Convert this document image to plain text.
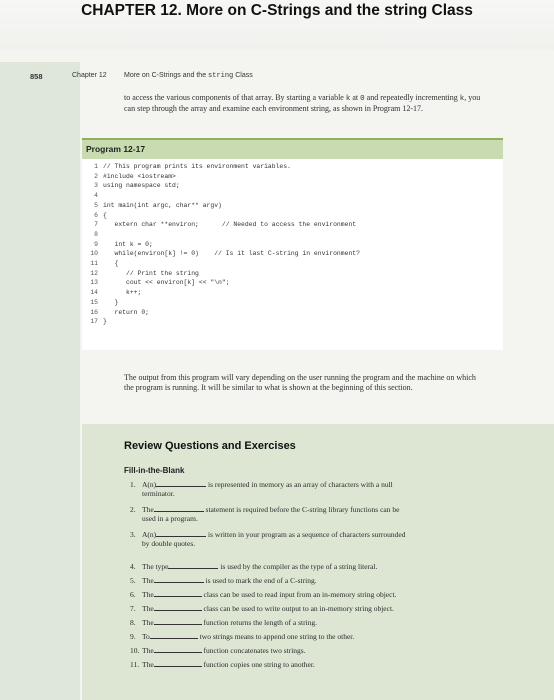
CHAPTER 12. More on C-Strings and the string Class
858	Chapter 12 More on C-Strings and the string Class
to access the various components of that array. By starting a variable k at 0 and repeatedly incrementing k, you can step through the array and examine each environment string, as shown in Program 12-17.
Program 12-17
1 // This program prints its environment variables.
2 #include <iostream>
3 using namespace std;
4
5 int main(int argc, char** argv)
6 {
7   extern char **environ;      // Needed to access the environment
8
9   int k = 0;
10   while(environ[k] != 0)    // Is it last C-string in environment?
11   {
12      // Print the string
13      cout << environ[k] << "\n";
14      k++;
15   }
16   return 0;
17 }
The output from this program will vary depending on the user running the program and the machine on which the program is running. It will be similar to what is shown at the beginning of this section.
Review Questions and Exercises
Fill-in-the-Blank
1. A(n)	is represented in memory as an array of characters with a null
terminator.
2. The	statement is required before the C-string library functions can be
used in a program.
3. A(n)	is written in your program as a sequence of characters surrounded
by double quotes.
4. The type	is used by the compiler as the type of a string literal.
5. The	is used to mark the end of a C-string.
6. The	class can be used to read input from an in-memory string object.
7. The	class can be used to write output to an in-memory string object.
8. The	function returns the length of a string.
9. To	two strings means to append one string to the other.
10. The	function concatenates two strings.
11. The	function copies one string to another.
